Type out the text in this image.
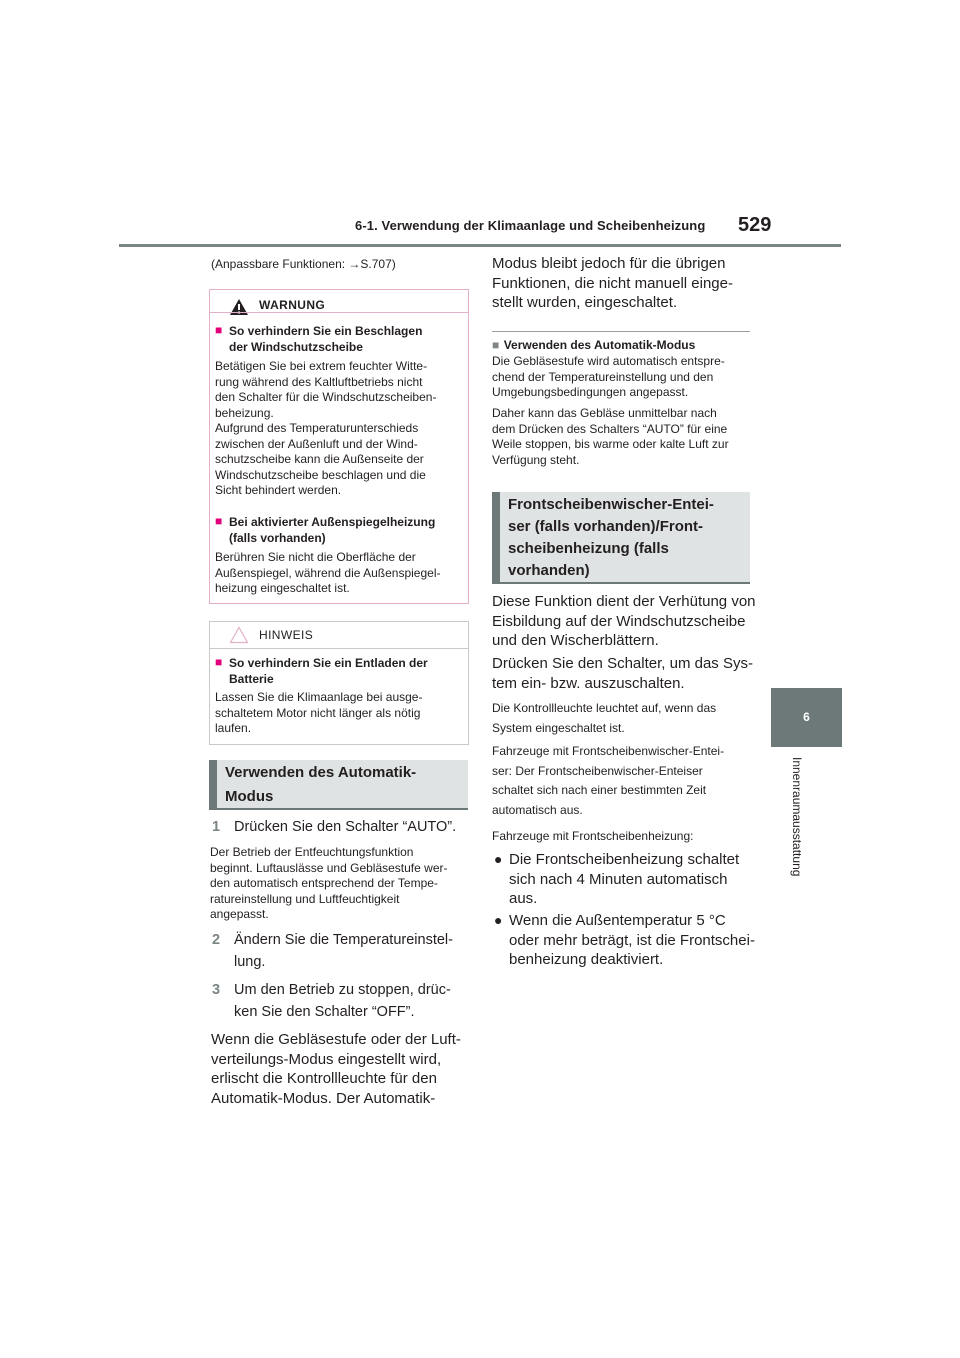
6-1. Verwendung der Klimaanlage und Scheibenheizung 529
6
Innenraumausstattung
(Anpassbare Funktionen: →S.707)
WARNUNG
■ So verhindern Sie ein Beschlagen
der Windschutzscheibe
Betätigen Sie bei extrem feuchter Witte-
rung während des Kaltluftbetriebs nicht
den Schalter für die Windschutzscheiben-
beheizung.
Aufgrund des Temperaturunterschieds
zwischen der Außenluft und der Wind-
schutzscheibe kann die Außenseite der
Windschutzscheibe beschlagen und die
Sicht behindert werden.
■ Bei aktivierter Außenspiegelheizung
(falls vorhanden)
Berühren Sie nicht die Oberfläche der
Außenspiegel, während die Außenspiegel-
heizung eingeschaltet ist.
HINWEIS
■ So verhindern Sie ein Entladen der
Batterie
Lassen Sie die Klimaanlage bei ausge-
schaltetem Motor nicht länger als nötig
laufen.
Verwenden des Automatik-
Modus
1 Drücken Sie den Schalter “AUTO”.
Der Betrieb der Entfeuchtungsfunktion
beginnt. Luftauslässe und Gebläsestufe wer-
den automatisch entsprechend der Tempe-
ratureinstellung und Luftfeuchtigkeit
angepasst.
2 Ändern Sie die Temperatureinstel-
lung.
3 Um den Betrieb zu stoppen, drüc-
ken Sie den Schalter “OFF”.
Wenn die Gebläsestufe oder der Luft-
verteilungs-Modus eingestellt wird,
erlischt die Kontrollleuchte für den
Automatik-Modus. Der Automatik-
Modus bleibt jedoch für die übrigen
Funktionen, die nicht manuell einge-
stellt wurden, eingeschaltet.
■ Verwenden des Automatik-Modus
Die Gebläsestufe wird automatisch entspre-
chend der Temperatureinstellung und den
Umgebungsbedingungen angepasst.
Daher kann das Gebläse unmittelbar nach
dem Drücken des Schalters “AUTO” für eine
Weile stoppen, bis warme oder kalte Luft zur
Verfügung steht.
Frontscheibenwischer-Entei-
ser (falls vorhanden)/Front-
scheibenheizung (falls
vorhanden)
Diese Funktion dient der Verhütung von
Eisbildung auf der Windschutzscheibe
und den Wischerblättern.
Drücken Sie den Schalter, um das Sys-
tem ein- bzw. auszuschalten.
Die Kontrollleuchte leuchtet auf, wenn das
System eingeschaltet ist.
Fahrzeuge mit Frontscheibenwischer-Entei-
ser: Der Frontscheibenwischer-Enteiser
schaltet sich nach einer bestimmten Zeit
automatisch aus.
Fahrzeuge mit Frontscheibenheizung:
● Die Frontscheibenheizung schaltet
sich nach 4 Minuten automatisch
aus.
● Wenn die Außentemperatur 5 °C
oder mehr beträgt, ist die Frontschei-
benheizung deaktiviert.
